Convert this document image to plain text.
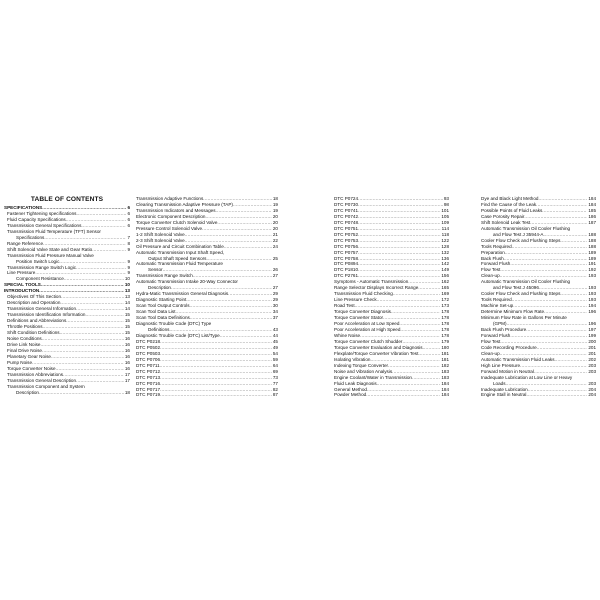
TABLE OF CONTENTS
SPECIFICATIONS .....	6
Fastener Tightening specifications .....	6
Fluid Capacity Specifications .....	6
Transmission General Specifications .....	6
Transmission Fluid Temperature (TFT) Sensor
Specifications .....	7
Range Reference .....	8
Shift Solenoid Valve State and Gear Ratio .....	9
Transmission Fluid Pressure Manual Valve
Position Switch Logic .....	9
Transmission Range Switch Logic .....	9
Line Pressure .....	9
Component Resistance .....	10
SPECIAL TOOLS .....	10
INTRODUCTION .....	13
Objectives Of This Section .....	13
Description and Operation .....	14
Transmission General Information .....	14
Transmission Identification Information .....	15
Definitions and Abbreviations .....	15
Throttle Positions .....	15
Shift Condition Definitions .....	15
Noise Conditions .....	16
Drive Link Noise .....	16
Final Drive Noise .....	16
Planetary Gear Noise .....	16
Pump Noise .....	16
Torque Converter Noise .....	16
Transmission Abbreviations .....	17
Transmission General Description .....	17
Transmission Component and System
Description .....	18
Transmission Adaptive Functions .....	18
Clearing Transmission Adaptive Pressure (TAP) .....	19
Transmission Indicators and Messages .....	19
Electronic Component Description .....	20
Torque Converter Clutch Solenoid Valve .....	20
Pressure Control Solenoid Valve .....	20
1-2 Shift Solenoid Valve .....	21
2-3 Shift Solenoid Valve .....	22
Oil Pressure and Circuit Combination Table .....	24
Automatic Transmission Input Shaft Speed,
Output Shaft Speed Sensors .....	25
Automatic Transmission Fluid Temperature
Sensor .....	26
Transmission Range Switch .....	27
Automatic Transmission Intake 20-Way Connector
Description .....	27
Hydra-Matic Transmission General Diagnosis .....	29
Diagnostic Starting Point .....	29
Scan Tool Output Controls .....	30
Scan Tool Data List .....	34
Scan Tool Data Definitions .....	37
Diagnostic Trouble Code (DTC) Type
Definitions .....	43
Diagnostic Trouble Code (DTC) List/Type .....	44
DTC P0218 .....	45
DTC P0502 .....	49
DTC P0503 .....	54
DTC P0706 .....	59
DTC P0711 .....	64
DTC P0712 .....	69
DTC P0713 .....	73
DTC P0716 .....	77
DTC P0717 .....	82
DTC P0719 .....	87
DTC P0724 .....	93
DTC P0730 .....	98
DTC P0741 .....	101
DTC P0742 .....	105
DTC P0748 .....	109
DTC P0751 .....	114
DTC P0752 .....	118
DTC P0753 .....	122
DTC P0756 .....	128
DTC P0757 .....	132
DTC P0758 .....	136
DTC P0894 .....	142
DTC P1810 .....	149
DTC P2761 .....	156
Symptoms - Automatic Transmission .....	162
Range Selector Displays Incorrect Range .....	165
Transmission Fluid Checking .....	169
Line Pressure Check .....	172
Road Test .....	173
Torque Converter Diagnosis .....	178
Torque Converter Stator .....	178
Poor Acceleration at Low Speed .....	178
Poor Acceleration at High Speed .....	178
Whine Noise .....	178
Torque Converter Clutch Shudder .....	179
Torque Converter Evaluation and Diagnosis .....	180
Flexplate/Torque Converter Vibration Test .....	181
Isolating Vibration .....	181
Indexing Torque Converter .....	182
Noise and Vibration Analysis .....	183
Engine Coolant/Water in Transmission .....	183
Fluid Leak Diagnosis .....	184
General Method .....	184
Powder Method .....	184
Dye and Black Light Method .....	184
Find the Cause of the Leak .....	184
Possible Points of Fluid Leaks .....	185
Case Porosity Repair .....	186
Shift Solenoid Leak Test .....	187
Automatic Transmission Oil Cooler Flushing
and Flow Test J 35944-A .....	188
Cooler Flow Check and Flushing Steps .....	188
Tools Required .....	188
Preparation .....	189
Back Flush .....	189
Forward Flush .....	191
Flow Test .....	192
Clean-up .....	193
Automatic Transmission Oil Cooler Flushing
and Flow Test J 45096 .....	193
Cooler Flow Check and Flushing Steps .....	193
Tools Required .....	193
Machine Set-up .....	194
Determine Minimum Flow Rate .....	196
Minimum Flow Rate in Gallons Per Minute
(GPM) .....	196
Back Flush Procedure .....	197
Forward Flush .....	199
Flow Test .....	200
Code Recording Procedure .....	201
Clean-up .....	201
Automatic Transmission Fluid Leaks .....	202
High Line Pressure .....	203
Forward Motion in Neutral .....	203
Inadequate Lubrication at Low Line or Heavy
Loads .....	203
Inadequate Lubrication .....	204
Engine Stall in Neutral .....	204
